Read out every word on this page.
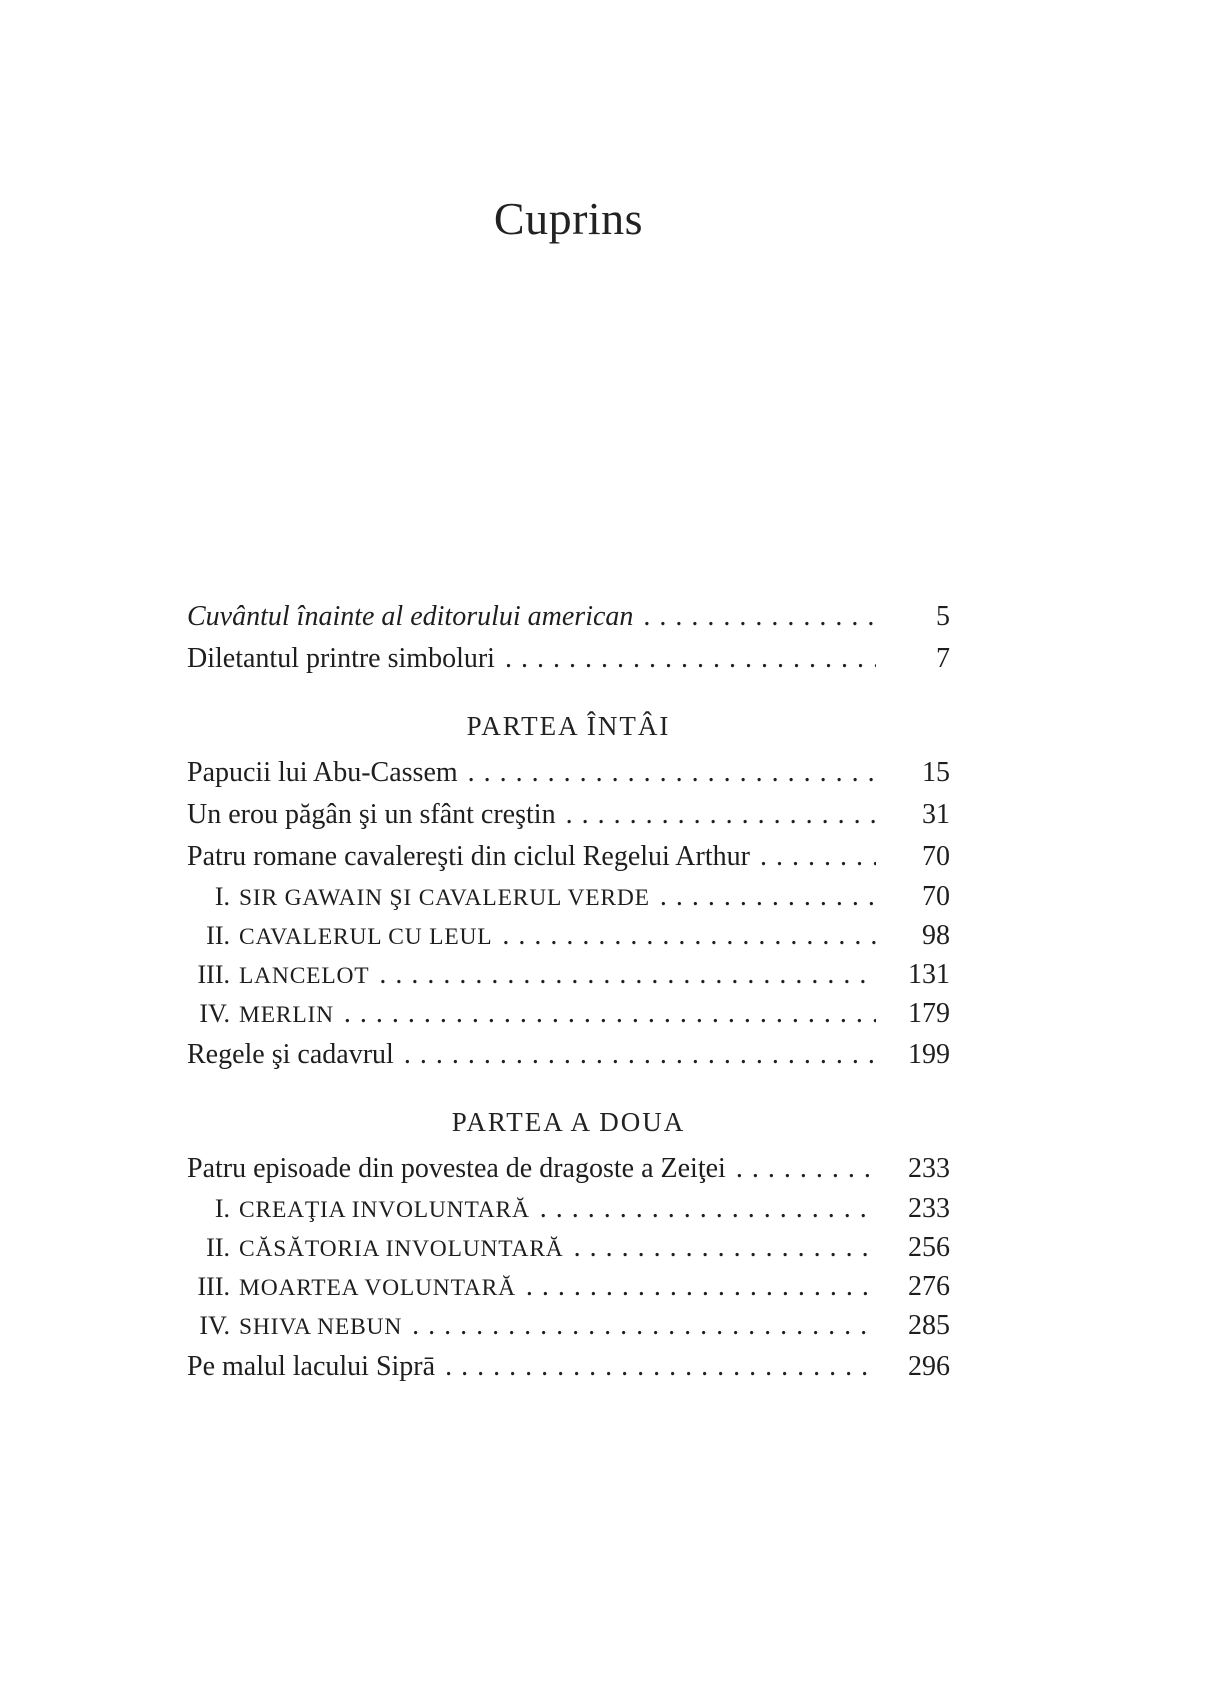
Cuprins
Cuvântul înainte al editorului american . . .	5
Diletantul printre simboluri . . .	7
PARTEA ÎNTÂI
Papucii lui Abu-Cassem . . .	15
Un erou păgân şi un sfânt creştin . . .	31
Patru romane cavalereşti din ciclul Regelui Arthur . . .	70
I. SIR GAWAIN ŞI CAVALERUL VERDE . . .	70
II. CAVALERUL CU LEUL . . .	98
III. LANCELOT . . .	131
IV. MERLIN . . .	179
Regele şi cadavrul . . .	199
PARTEA A DOUA
Patru episoade din povestea de dragoste a Zeiţei . . .	233
I. CREAŢIA INVOLUNTARĂ . . .	233
II. CĂSĂTORIA INVOLUNTARĂ . . .	256
III. MOARTEA VOLUNTARĂ . . .	276
IV. SHIVA NEBUN . . .	285
Pe malul lacului Siprā . . .	296
